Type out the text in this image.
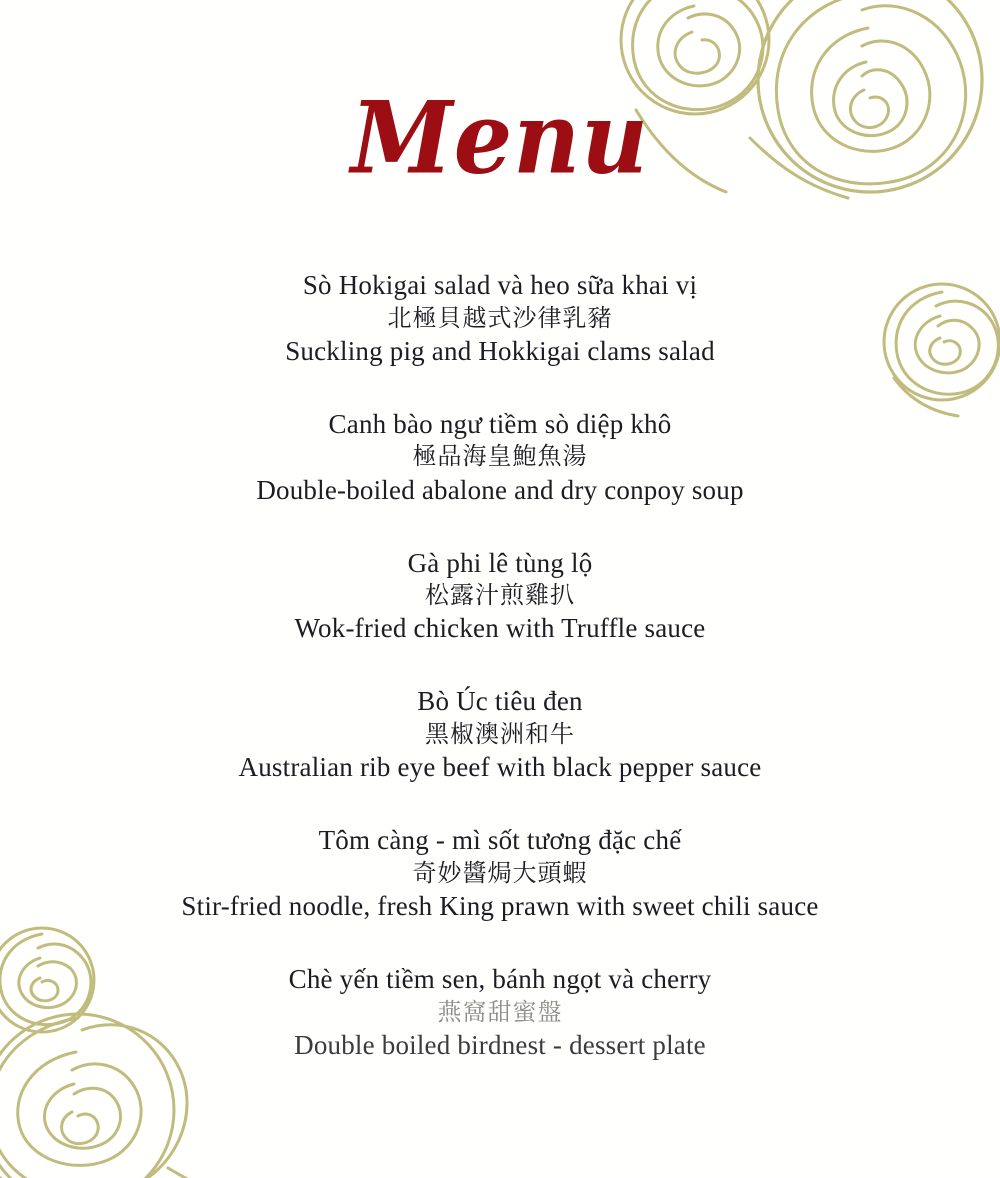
Menu
Sò Hokigai salad và heo sữa khai vị
北極貝越式沙律乳豬
Suckling pig and Hokkigai clams salad
Canh bào ngư tiềm sò diệp khô
極品海皇鮑魚湯
Double-boiled abalone and dry conpoy soup
Gà phi lê tùng lộ
松露汁煎雞扒
Wok-fried chicken with Truffle sauce
Bò Úc tiêu đen
黑椒澳洲和牛
Australian rib eye beef with black pepper sauce
Tôm càng - mì sốt tương đặc chế
奇妙醬焗大頭蝦
Stir-fried noodle, fresh King prawn with sweet chili sauce
Chè yến tiềm sen, bánh ngọt và cherry
燕窩甜蜜盤
Double boiled birdnest - dessert plate
